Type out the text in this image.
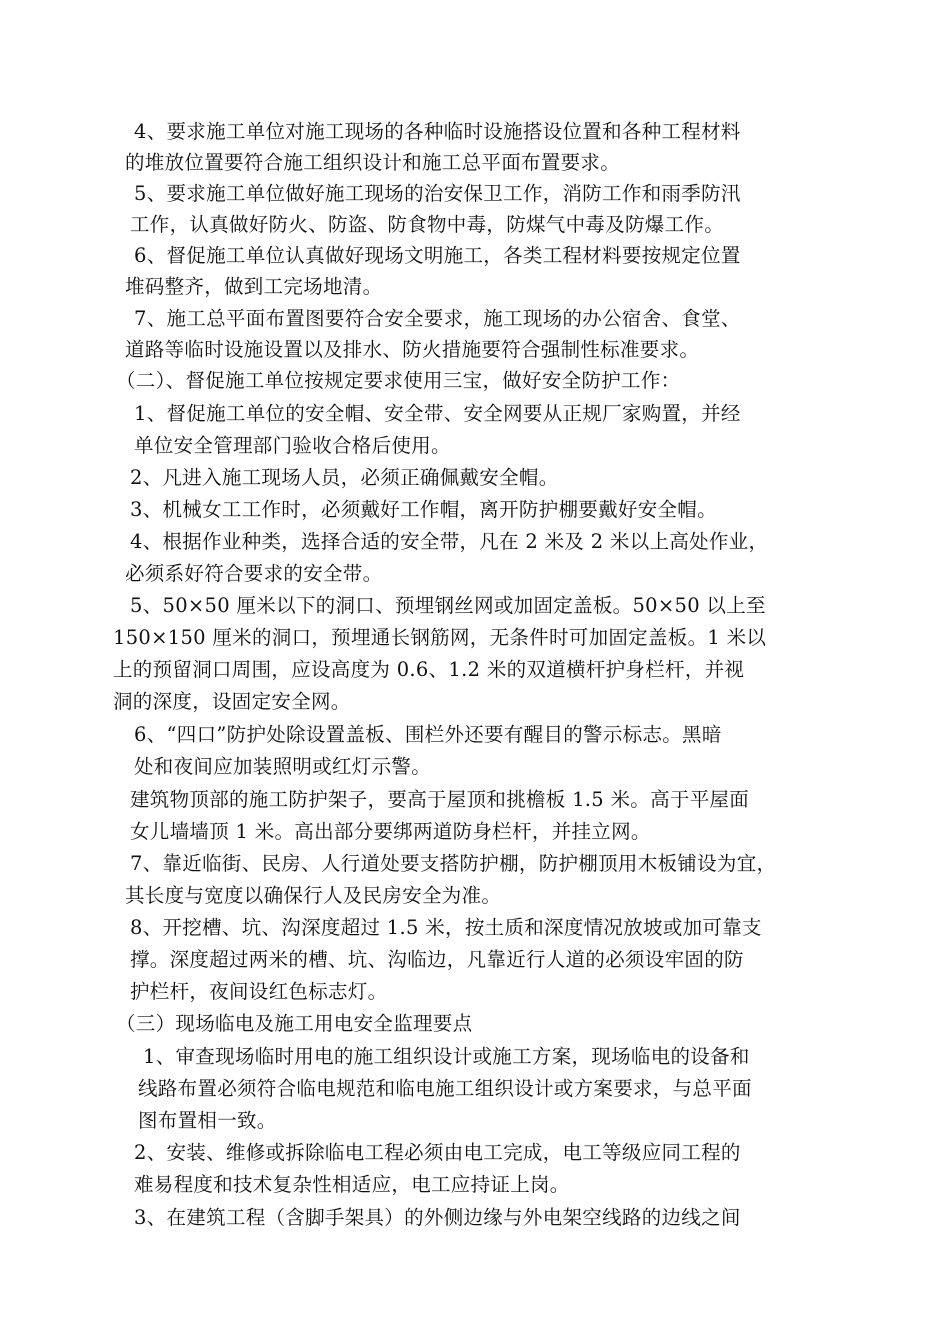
4、要求施工单位对施工现场的各种临时设施搭设位置和各种工程材料
的堆放位置要符合施工组织设计和施工总平面布置要求。
5、要求施工单位做好施工现场的治安保卫工作，消防工作和雨季防汛
工作，认真做好防火、防盗、防食物中毒，防煤气中毒及防爆工作。
6、督促施工单位认真做好现场文明施工，各类工程材料要按规定位置
堆码整齐，做到工完场地清。
7、施工总平面布置图要符合安全要求，施工现场的办公宿舍、食堂、
道路等临时设施设置以及排水、防火措施要符合强制性标准要求。
（二）、督促施工单位按规定要求使用三宝，做好安全防护工作：
1、督促施工单位的安全帽、安全带、安全网要从正规厂家购置，并经
单位安全管理部门验收合格后使用。
2、凡进入施工现场人员，必须正确佩戴安全帽。
3、机械女工工作时，必须戴好工作帽，离开防护棚要戴好安全帽。
4、根据作业种类，选择合适的安全带，凡在 2 米及 2 米以上高处作业，
必须系好符合要求的安全带。
5、50×50 厘米以下的洞口、预埋钢丝网或加固定盖板。50×50 以上至
150×150 厘米的洞口，预埋通长钢筋网，无条件时可加固定盖板。1 米以
上的预留洞口周围，应设高度为 0.6、1.2 米的双道横杆护身栏杆，并视
洞的深度，设固定安全网。
6、“四口”防护处除设置盖板、围栏外还要有醒目的警示标志。黑暗
处和夜间应加装照明或红灯示警。
建筑物顶部的施工防护架子，要高于屋顶和挑檐板 1.5 米。高于平屋面
女儿墙墙顶 1 米。高出部分要绑两道防身栏杆，并挂立网。
7、靠近临街、民房、人行道处要支搭防护棚，防护棚顶用木板铺设为宜，
其长度与宽度以确保行人及民房安全为准。
8、开挖槽、坑、沟深度超过 1.5 米，按土质和深度情况放坡或加可靠支
撑。深度超过两米的槽、坑、沟临边，凡靠近行人道的必须设牢固的防
护栏杆，夜间设红色标志灯。
（三）现场临电及施工用电安全监理要点
1、审查现场临时用电的施工组织设计或施工方案，现场临电的设备和
线路布置必须符合临电规范和临电施工组织设计或方案要求，与总平面
图布置相一致。
2、安装、维修或拆除临电工程必须由电工完成，电工等级应同工程的
难易程度和技术复杂性相适应，电工应持证上岗。
3、在建筑工程（含脚手架具）的外侧边缘与外电架空线路的边线之间
